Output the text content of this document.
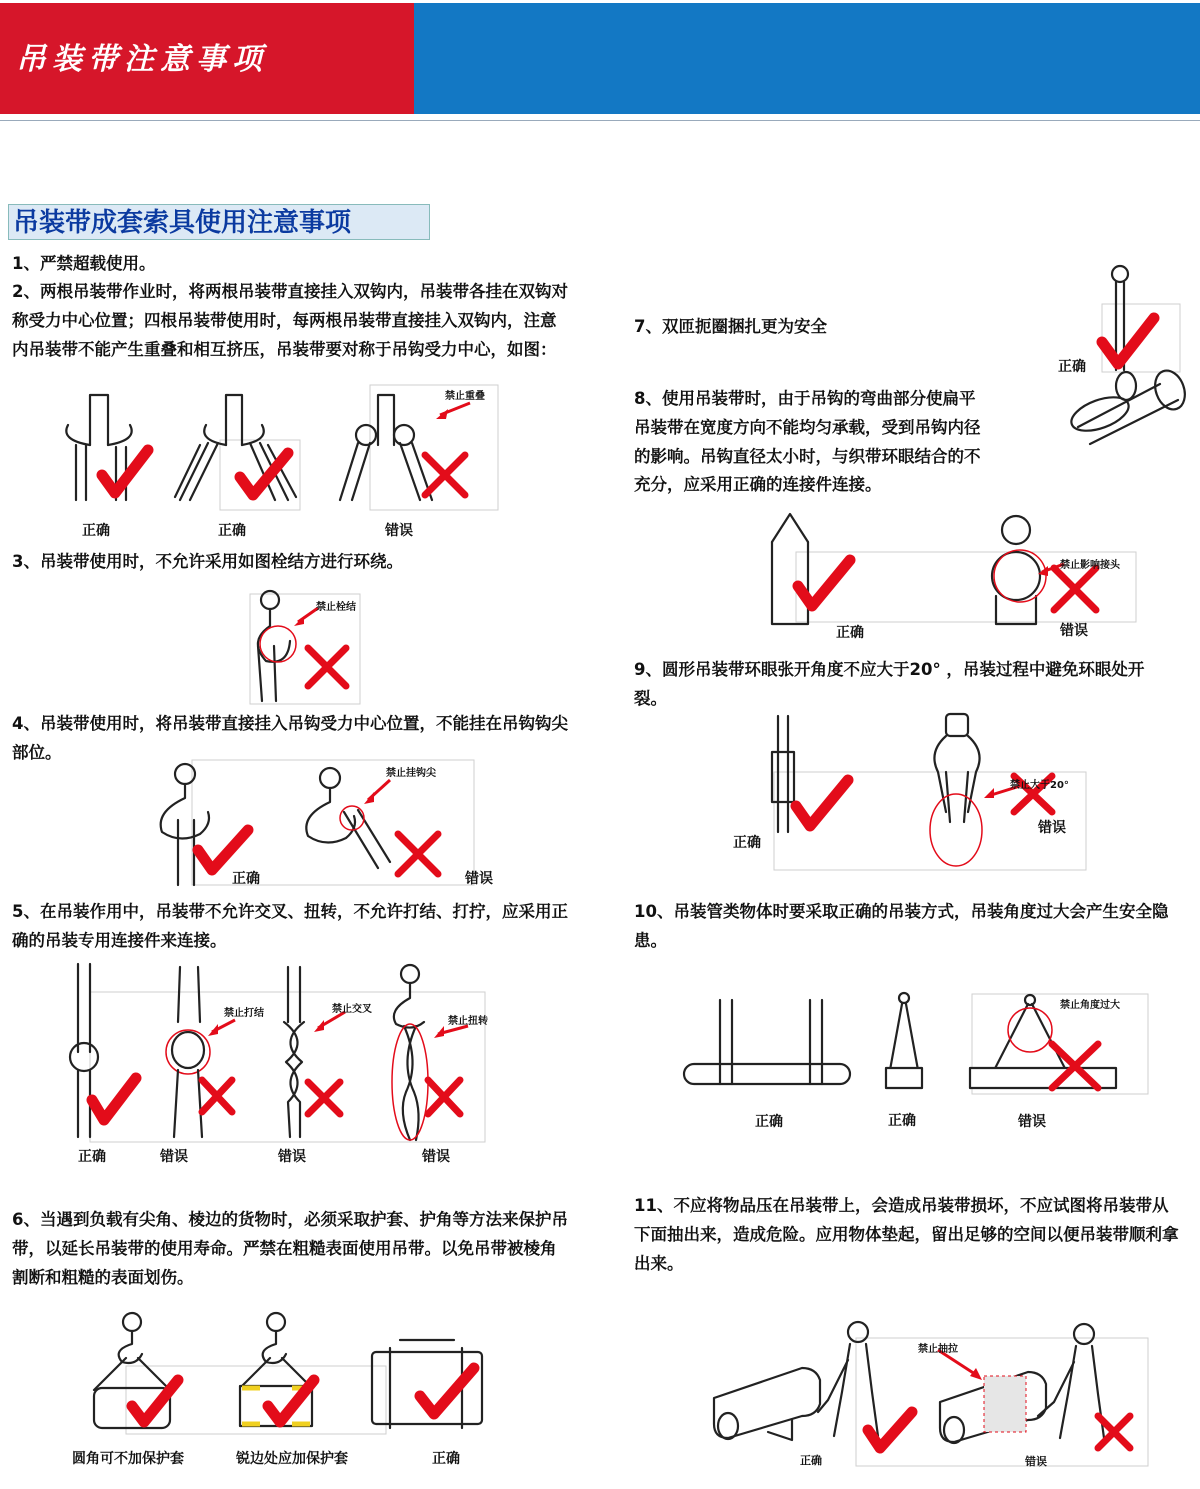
吊装带注意事项
吊装带成套索具使用注意事项

1、严禁超载使用。

2、两根吊装带作业时，将两根吊装带直接挂入双钩内，吊装带各挂在双钩对称受力中心位置；四根吊装带使用时，每两根吊装带直接挂入双钩内，注意内吊装带不能产生重叠和相互挤压，吊装带要对称于吊钩受力中心，如图：

禁止重叠
正确	正确	错误

3、吊装带使用时，不允许采用如图栓结方进行环绕。

禁止栓结

4、吊装带使用时，将吊装带直接挂入吊钩受力中心位置，不能挂在吊钩钩尖部位。

禁止挂钩尖
正确	错误

5、在吊装作用中，吊装带不允许交叉、扭转，不允许打结、打拧，应采用正确的吊装专用连接件来连接。

禁止打结	禁止交叉
禁止扭转
正确	错误	错误	错误

6、当遇到负载有尖角、棱边的货物时，必须采取护套、护角等方法来保护吊带，以延长吊装带的使用寿命。严禁在粗糙表面使用吊带。以免吊带被棱角割断和粗糙的表面划伤。

圆角可不加保护套	锐边处应加保护套	正确

7、双匝扼圈捆扎更为安全

正确

8、使用吊装带时，由于吊钩的弯曲部分使扁平吊装带在宽度方向不能均匀承载，受到吊钩内径的影响。吊钩直径太小时，与织带环眼结合的不充分，应采用正确的连接件连接。

禁止影响接头
正确	错误

9、圆形吊装带环眼张开角度不应大于20° ，吊装过程中避免环眼处开裂。

禁止大于20°
正确
错误

10、吊装管类物体时要采取正确的吊装方式，吊装角度过大会产生安全隐患。

禁止角度过大
正确	正确	错误

11、不应将物品压在吊装带上，会造成吊装带损坏，不应试图将吊装带从下面抽出来，造成危险。应用物体垫起，留出足够的空间以便吊装带顺利拿出来。

禁止抽拉
正确	错误
